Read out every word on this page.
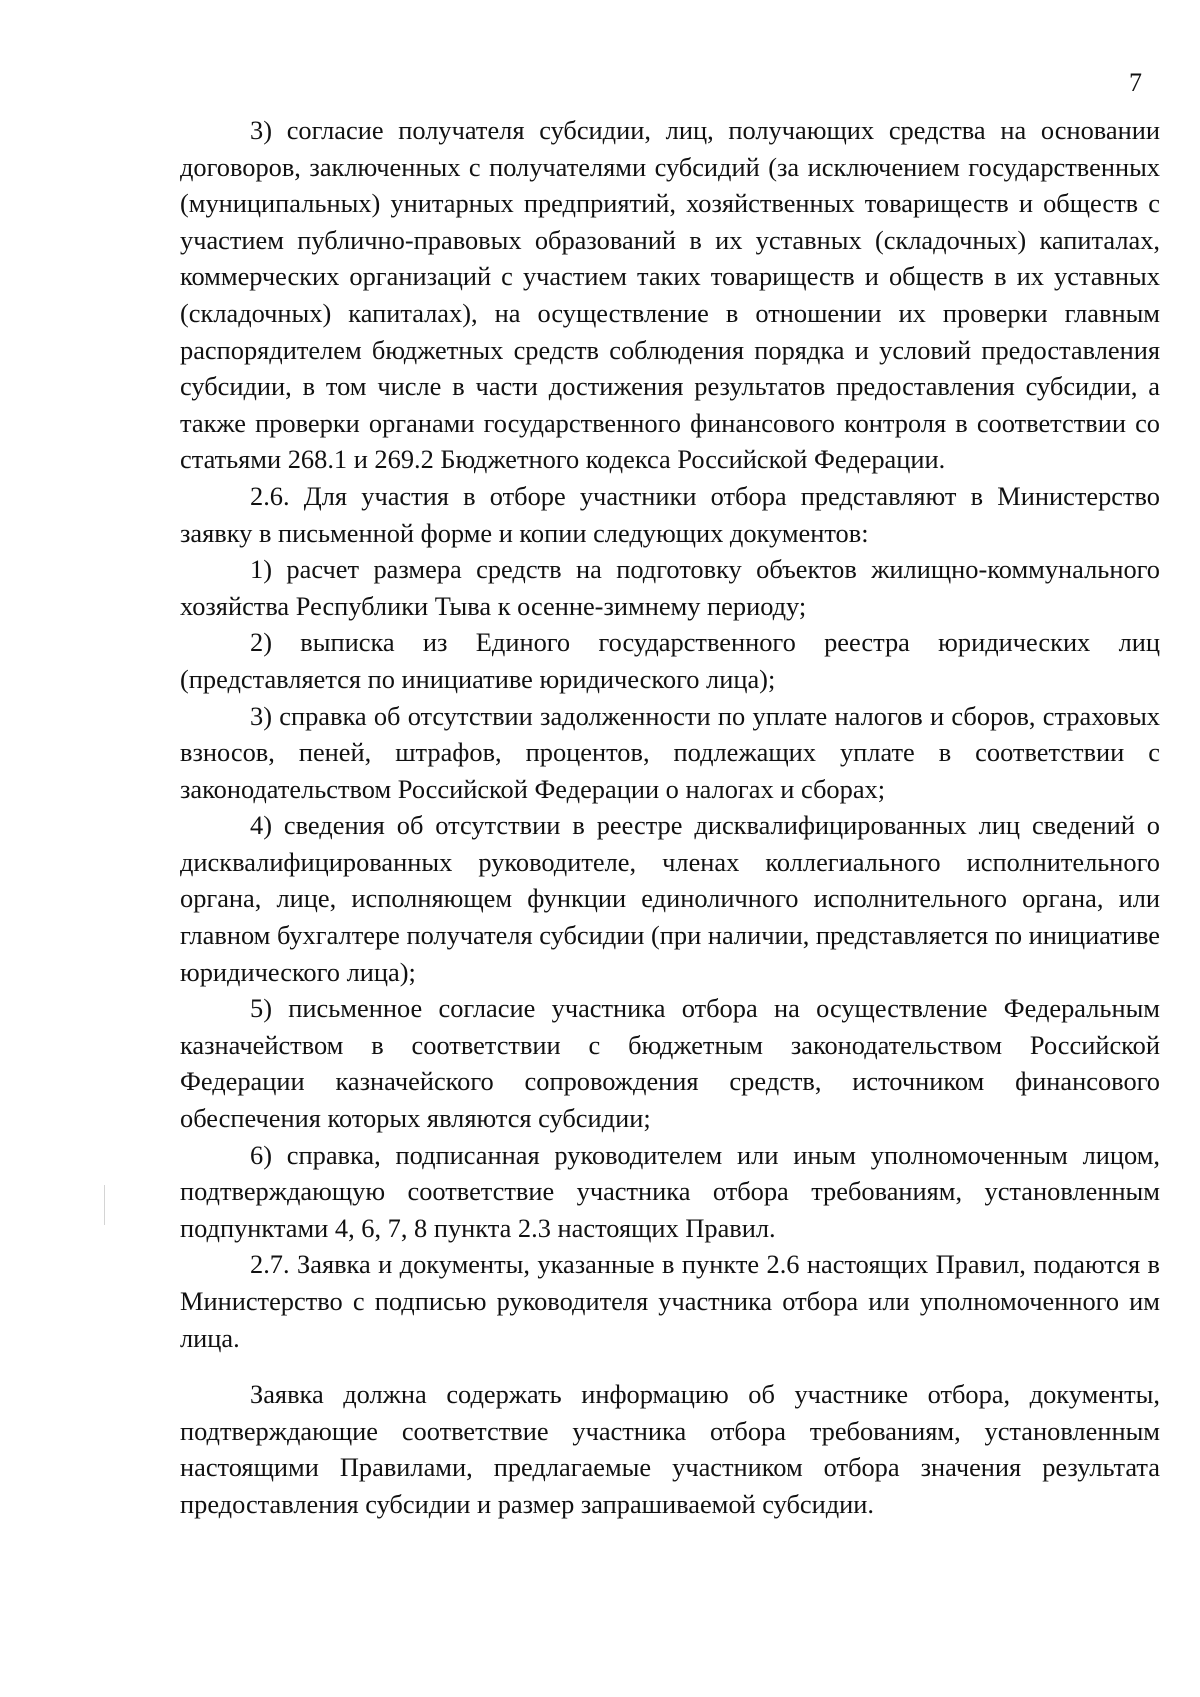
7

3) согласие получателя субсидии, лиц, получающих средства на основании договоров, заключенных с получателями субсидий (за исключением государственных (муниципальных) унитарных предприятий, хозяйственных товариществ и обществ с участием публично-правовых образований в их уставных (складочных) капиталах, коммерческих организаций с участием таких товариществ и обществ в их уставных (складочных) капиталах), на осуществление в отношении их проверки главным распорядителем бюджетных средств соблюдения порядка и условий предоставления субсидии, в том числе в части достижения результатов предоставления субсидии, а также проверки органами государственного финансового контроля в соответствии со статьями 268.1 и 269.2 Бюджетного кодекса Российской Федерации.

2.6. Для участия в отборе участники отбора представляют в Министерство заявку в письменной форме и копии следующих документов:

1) расчет размера средств на подготовку объектов жилищно-коммунального хозяйства Республики Тыва к осенне-зимнему периоду;

2) выписка из Единого государственного реестра юридических лиц (представляется по инициативе юридического лица);

3) справка об отсутствии задолженности по уплате налогов и сборов, страховых взносов, пеней, штрафов, процентов, подлежащих уплате в соответствии с законодательством Российской Федерации о налогах и сборах;

4) сведения об отсутствии в реестре дисквалифицированных лиц сведений о дисквалифицированных руководителе, членах коллегиального исполнительного органа, лице, исполняющем функции единоличного исполнительного органа, или главном бухгалтере получателя субсидии (при наличии, представляется по инициативе юридического лица);

5) письменное согласие участника отбора на осуществление Федеральным казначейством в соответствии с бюджетным законодательством Российской Федерации казначейского сопровождения средств, источником финансового обеспечения которых являются субсидии;

6) справка, подписанная руководителем или иным уполномоченным лицом, подтверждающую соответствие участника отбора требованиям, установленным подпунктами 4, 6, 7, 8 пункта 2.3 настоящих Правил.

2.7. Заявка и документы, указанные в пункте 2.6 настоящих Правил, подаются в Министерство с подписью руководителя участника отбора или уполномоченного им лица.

Заявка должна содержать информацию об участнике отбора, документы, подтверждающие соответствие участника отбора требованиям, установленным настоящими Правилами, предлагаемые участником отбора значения результата предоставления субсидии и размер запрашиваемой субсидии.
